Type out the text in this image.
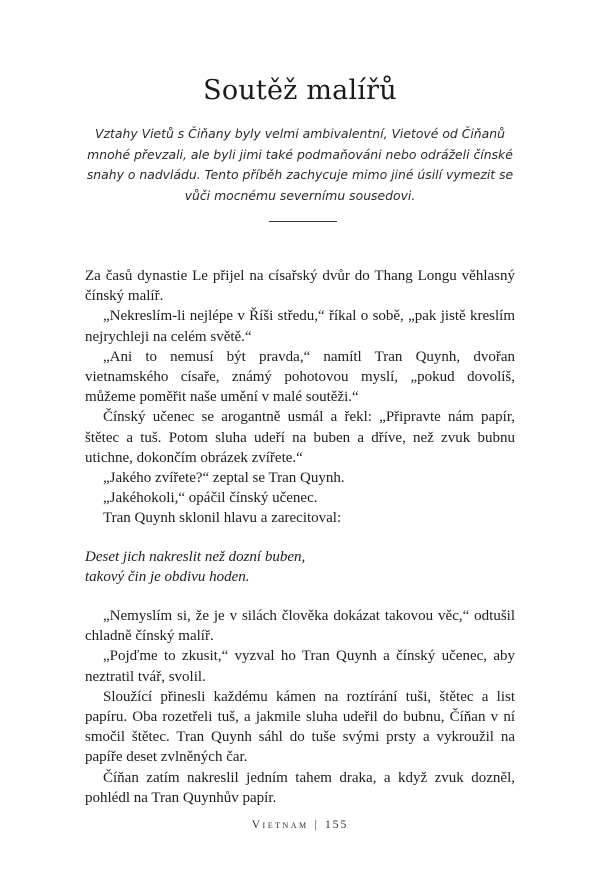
Soutěž malířů
Vztahy Vietů s Čiňany byly velmi ambivalentní, Vietové od Čiňanů mnohé převzali, ale byli jimi také podmaňováni nebo odráželi čínské snahy o nadvládu. Tento příběh zachycuje mimo jiné úsilí vymezit se vůči mocnému severnímu sousedovi.

Za časů dynastie Le přijel na císařský dvůr do Thang Longu věhlasný čínský malíř.

„Nekreslím-li nejlépe v Říši středu,“ říkal o sobě, „pak jistě kreslím nejrychleji na celém světě.“

„Ani to nemusí být pravda,“ namítl Tran Quynh, dvořan vietnamského císaře, známý pohotovou myslí, „pokud dovolíš, můžeme poměřit naše umění v malé soutěži.“

Čínský učenec se arogantně usmál a řekl: „Připravte nám papír, štětec a tuš. Potom sluha udeří na buben a dříve, než zvuk bubnu utichne, dokončím obrázek zvířete.“

„Jakého zvířete?“ zeptal se Tran Quynh.

„Jakéhokoli,“ opáčil čínský učenec.

Tran Quynh sklonil hlavu a zarecitoval:

Deset jich nakreslit než dozní buben,
takový čin je obdivu hoden.

„Nemyslím si, že je v silách člověka dokázat takovou věc,“ odtušil chladně čínský malíř.

„Pojďme to zkusit,“ vyzval ho Tran Quynh a čínský učenec, aby neztratil tvář, svolil.

Sloužící přinesli každému kámen na roztírání tuši, štětec a list papíru. Oba rozetřeli tuš, a jakmile sluha udeřil do bubnu, Číňan v ní smočil štětec. Tran Quynh sáhl do tuše svými prsty a vykroužil na papíře deset zvlněných čar.

Číňan zatím nakreslil jedním tahem draka, a když zvuk dozněl, pohlédl na Tran Quynhův papír.

Vietnam | 155
